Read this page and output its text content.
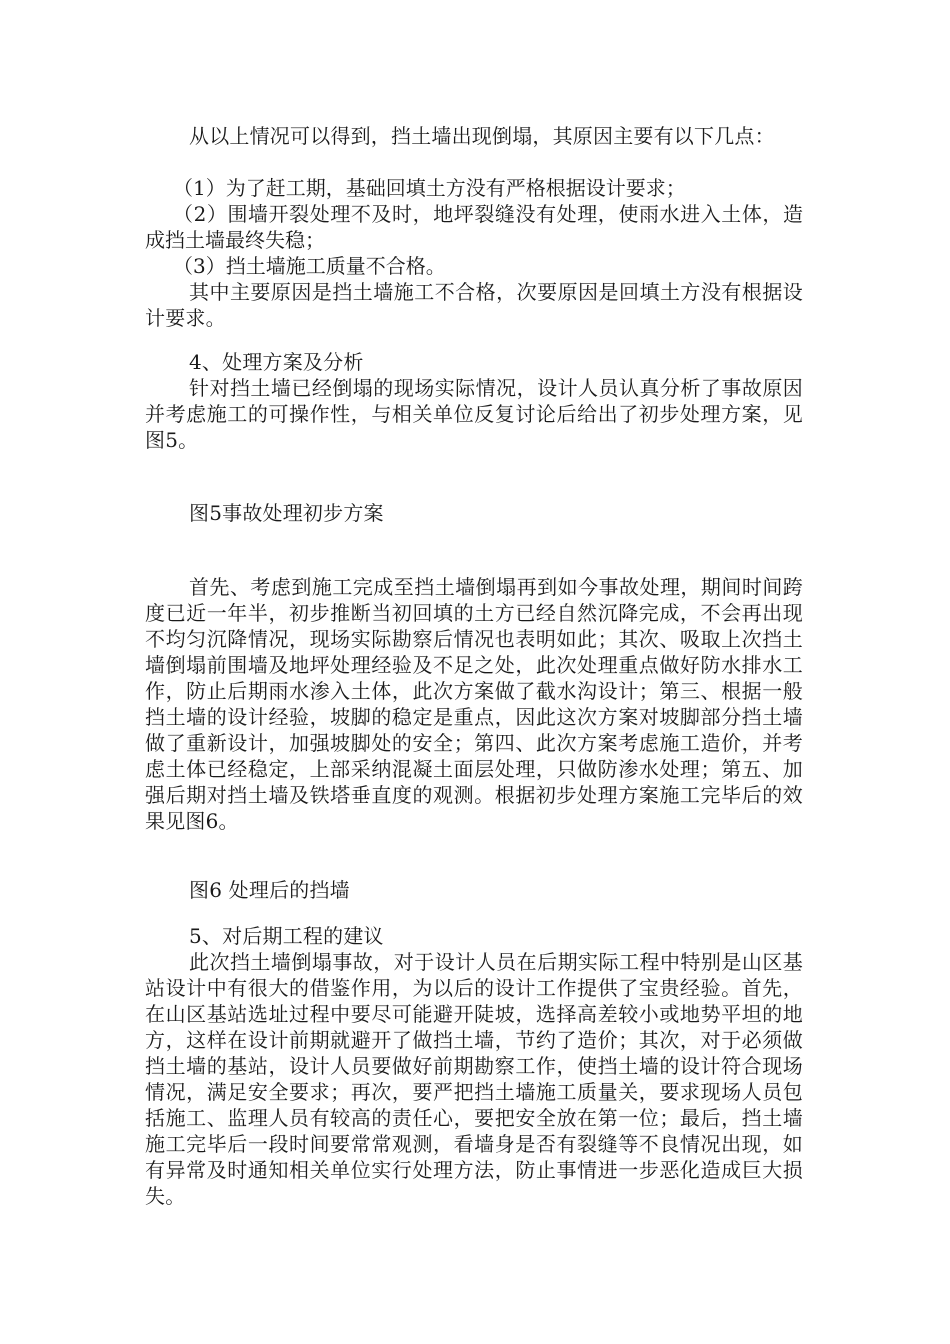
从以上情况可以得到，挡土墙出现倒塌，其原因主要有以下几点：

（1）为了赶工期，基础回填土方没有严格根据设计要求；

（2）围墙开裂处理不及时，地坪裂缝没有处理，使雨水进入土体，造成挡土墙最终失稳；

（3）挡土墙施工质量不合格。

其中主要原因是挡土墙施工不合格，次要原因是回填土方没有根据设计要求。

4、处理方案及分析

针对挡土墙已经倒塌的现场实际情况，设计人员认真分析了事故原因并考虑施工的可操作性，与相关单位反复讨论后给出了初步处理方案，见图5。

图5事故处理初步方案

首先、考虑到施工完成至挡土墙倒塌再到如今事故处理，期间时间跨度已近一年半，初步推断当初回填的土方已经自然沉降完成，不会再出现不均匀沉降情况，现场实际勘察后情况也表明如此；其次、吸取上次挡土墙倒塌前围墙及地坪处理经验及不足之处，此次处理重点做好防水排水工作，防止后期雨水渗入土体，此次方案做了截水沟设计；第三、根据一般挡土墙的设计经验，坡脚的稳定是重点，因此这次方案对坡脚部分挡土墙做了重新设计，加强坡脚处的安全；第四、此次方案考虑施工造价，并考虑土体已经稳定，上部采纳混凝土面层处理，只做防渗水处理；第五、加强后期对挡土墙及铁塔垂直度的观测。根据初步处理方案施工完毕后的效果见图6。

图6 处理后的挡墙

5、对后期工程的建议

此次挡土墙倒塌事故，对于设计人员在后期实际工程中特别是山区基站设计中有很大的借鉴作用，为以后的设计工作提供了宝贵经验。首先，在山区基站选址过程中要尽可能避开陡坡，选择高差较小或地势平坦的地方，这样在设计前期就避开了做挡土墙，节约了造价；其次，对于必须做挡土墙的基站，设计人员要做好前期勘察工作，使挡土墙的设计符合现场情况，满足安全要求；再次，要严把挡土墙施工质量关，要求现场人员包括施工、监理人员有较高的责任心，要把安全放在第一位；最后，挡土墙施工完毕后一段时间要常常观测，看墙身是否有裂缝等不良情况出现，如有异常及时通知相关单位实行处理方法，防止事情进一步恶化造成巨大损失。
